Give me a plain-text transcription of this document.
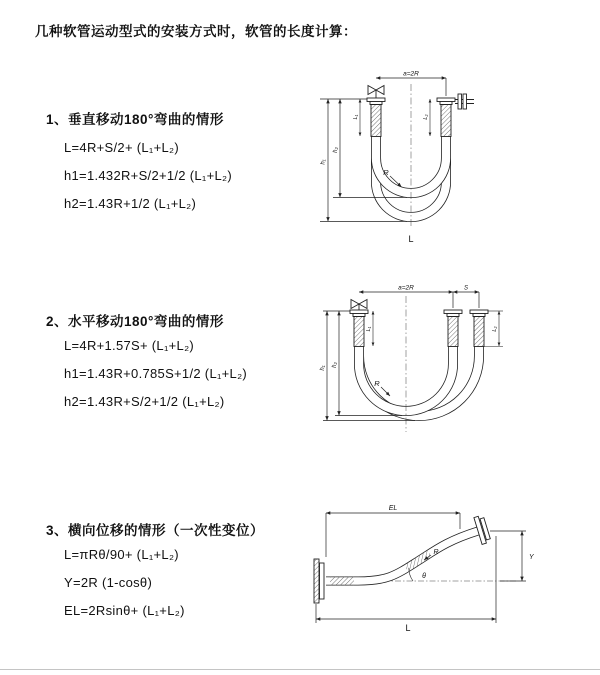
几种软管运动型式的安装方式时，软管的长度计算：
1、垂直移动180°弯曲的情形
L=4R+S/2+ (L₁+L₂)
h1=1.432R+S/2+1/2 (L₁+L₂)
h2=1.43R+1/2 (L₁+L₂)
a=2R
h₁
h₂
L₁	L₂
R
L
2、水平移动180°弯曲的情形
L=4R+1.57S+ (L₁+L₂)
h1=1.43R+0.785S+1/2 (L₁+L₂)
h2=1.43R+S/2+1/2 (L₁+L₂)
a=2R	S
h₁
h₂
L₁	L₂
R
3、横向位移的情形（一次性变位）
L=πRθ/90+ (L₁+L₂)
Y=2R (1-cosθ)
EL=2Rsinθ+ (L₁+L₂)
θ
EL
L
Y
R
